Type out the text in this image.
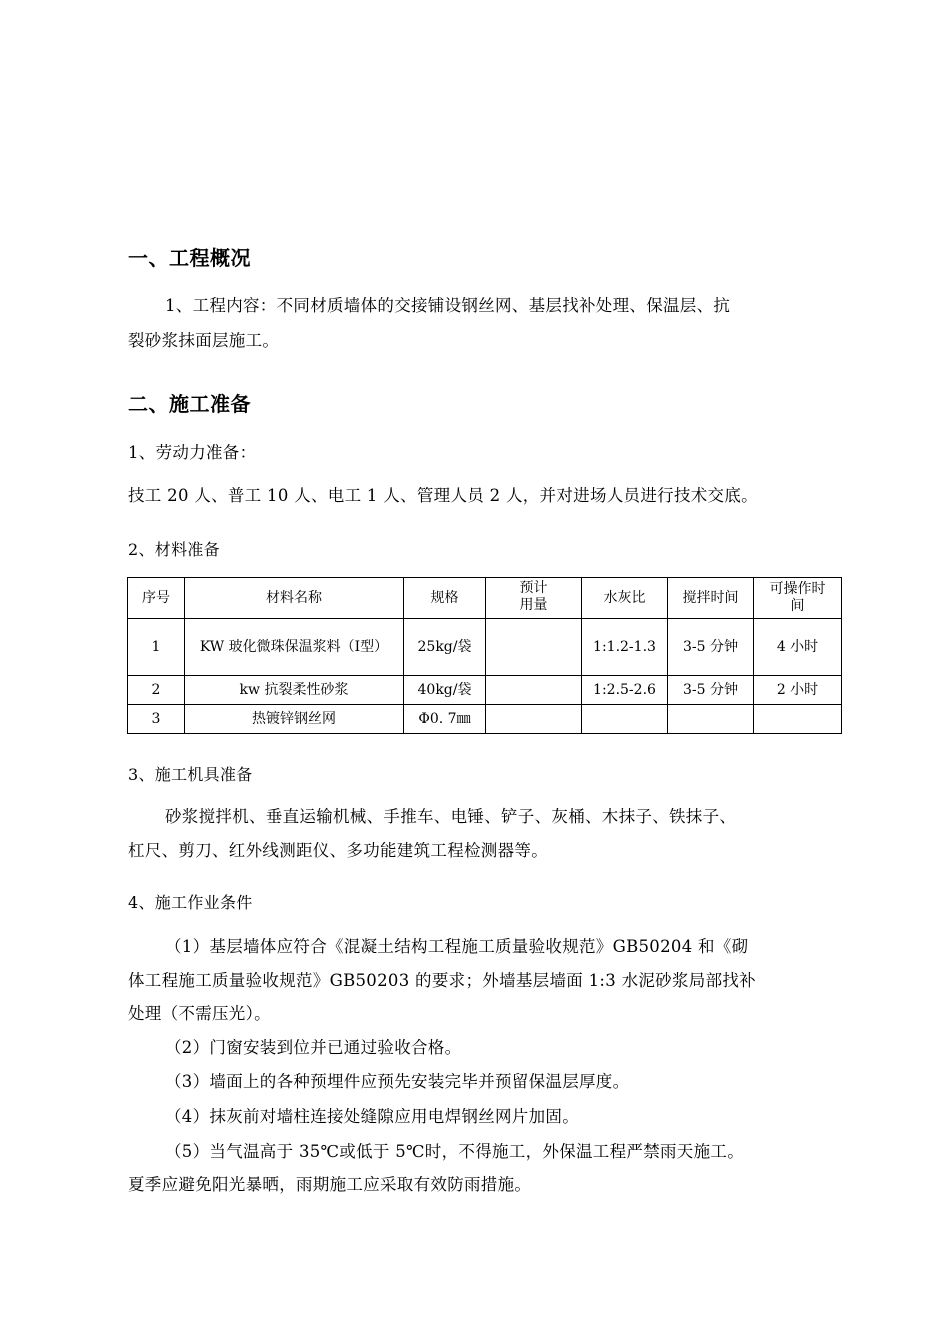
一、工程概况
1、工程内容：不同材质墙体的交接铺设钢丝网、基层找补处理、保温层、抗
裂砂浆抹面层施工。
二、施工准备
1、劳动力准备：
技工 20 人、普工 10 人、电工 1 人、管理人员 2 人，并对进场人员进行技术交底。
2、材料准备
序号	材料名称	规格	预计用量	水灰比	搅拌时间	可操作时间
1	KW 玻化微珠保温浆料（Ⅰ型）	25kg/袋		1:1.2-1.3	3-5 分钟	4 小时
2	kw 抗裂柔性砂浆	40kg/袋		1:2.5-2.6	3-5 分钟	2 小时
3	热镀锌钢丝网	Φ0. 7㎜				
3、施工机具准备
砂浆搅拌机、垂直运输机械、手推车、电锤、铲子、灰桶、木抹子、铁抹子、
杠尺、剪刀、红外线测距仪、多功能建筑工程检测器等。
4、施工作业条件
（1）基层墙体应符合《混凝土结构工程施工质量验收规范》GB50204 和《砌
体工程施工质量验收规范》GB50203 的要求；外墙基层墙面 1:3 水泥砂浆局部找补
处理（不需压光）。
（2）门窗安装到位并已通过验收合格。
（3）墙面上的各种预埋件应预先安装完毕并预留保温层厚度。
（4）抹灰前对墙柱连接处缝隙应用电焊钢丝网片加固。
（5）当气温高于 35℃或低于 5℃时，不得施工，外保温工程严禁雨天施工。
夏季应避免阳光暴晒，雨期施工应采取有效防雨措施。
